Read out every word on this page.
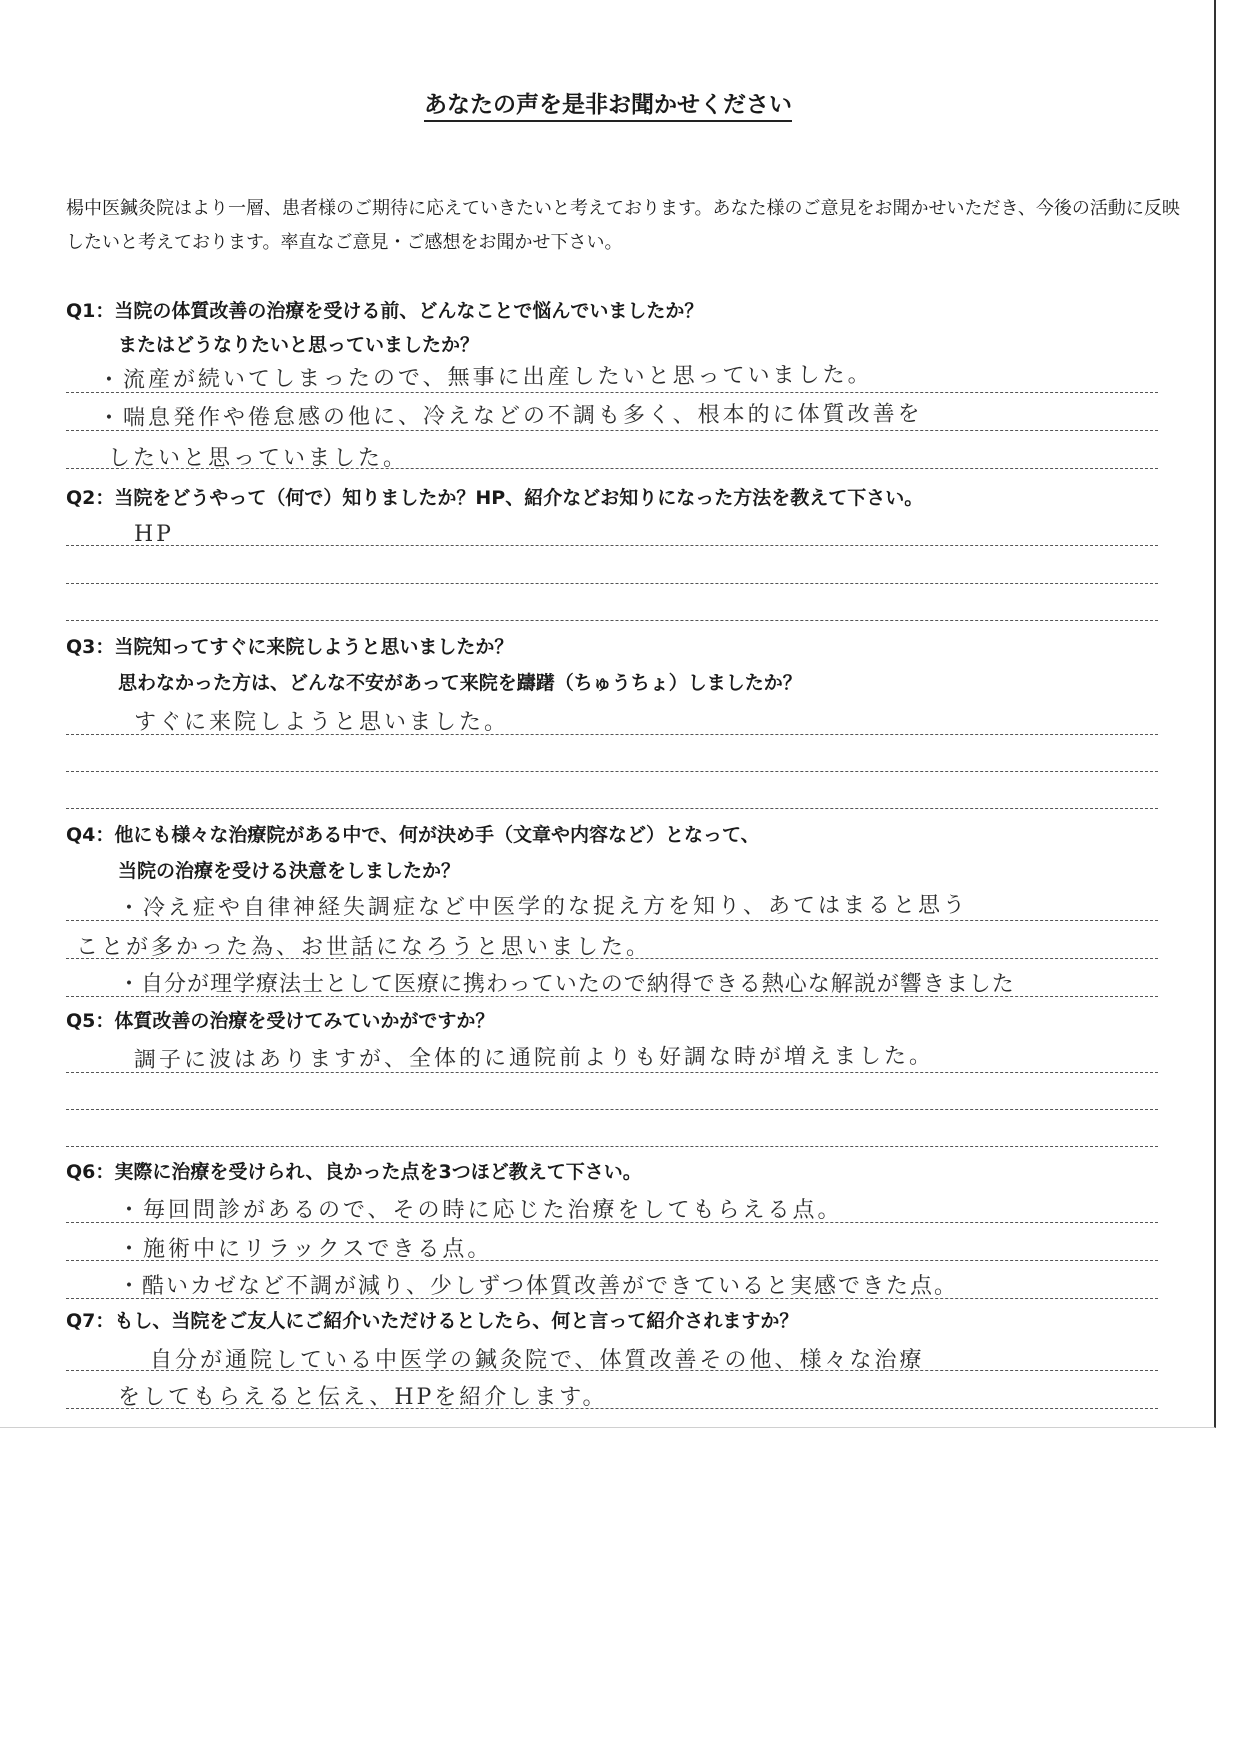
あなたの声を是非お聞かせください
楊中医鍼灸院はより一層、患者様のご期待に応えていきたいと考えております。あなた様のご意見をお聞かせいただき、今後の活動に反映したいと考えております。率直なご意見・ご感想をお聞かせ下さい。
Q1：当院の体質改善の治療を受ける前、どんなことで悩んでいましたか？
またはどうなりたいと思っていましたか？
・流産が続いてしまったので、無事に出産したいと思っていました。
・喘息発作や倦怠感の他に、冷えなどの不調も多く、根本的に体質改善を
したいと思っていました。
Q2：当院をどうやって（何で）知りましたか？HP、紹介などお知りになった方法を教えて下さい。
HP
Q3：当院知ってすぐに来院しようと思いましたか？
思わなかった方は、どんな不安があって来院を躊躇（ちゅうちょ）しましたか？
すぐに来院しようと思いました。
Q4：他にも様々な治療院がある中で、何が決め手（文章や内容など）となって、
当院の治療を受ける決意をしましたか？
・冷え症や自律神経失調症など中医学的な捉え方を知り、あてはまると思う
ことが多かった為、お世話になろうと思いました。
・自分が理学療法士として医療に携わっていたので納得できる熱心な解説が響きました
Q5：体質改善の治療を受けてみていかがですか？
調子に波はありますが、全体的に通院前よりも好調な時が増えました。
Q6：実際に治療を受けられ、良かった点を3つほど教えて下さい。
・毎回問診があるので、その時に応じた治療をしてもらえる点。
・施術中にリラックスできる点。
・酷いカゼなど不調が減り、少しずつ体質改善ができていると実感できた点。
Q7：もし、当院をご友人にご紹介いただけるとしたら、何と言って紹介されますか？
自分が通院している中医学の鍼灸院で、体質改善その他、様々な治療
をしてもらえると伝え、HPを紹介します。
